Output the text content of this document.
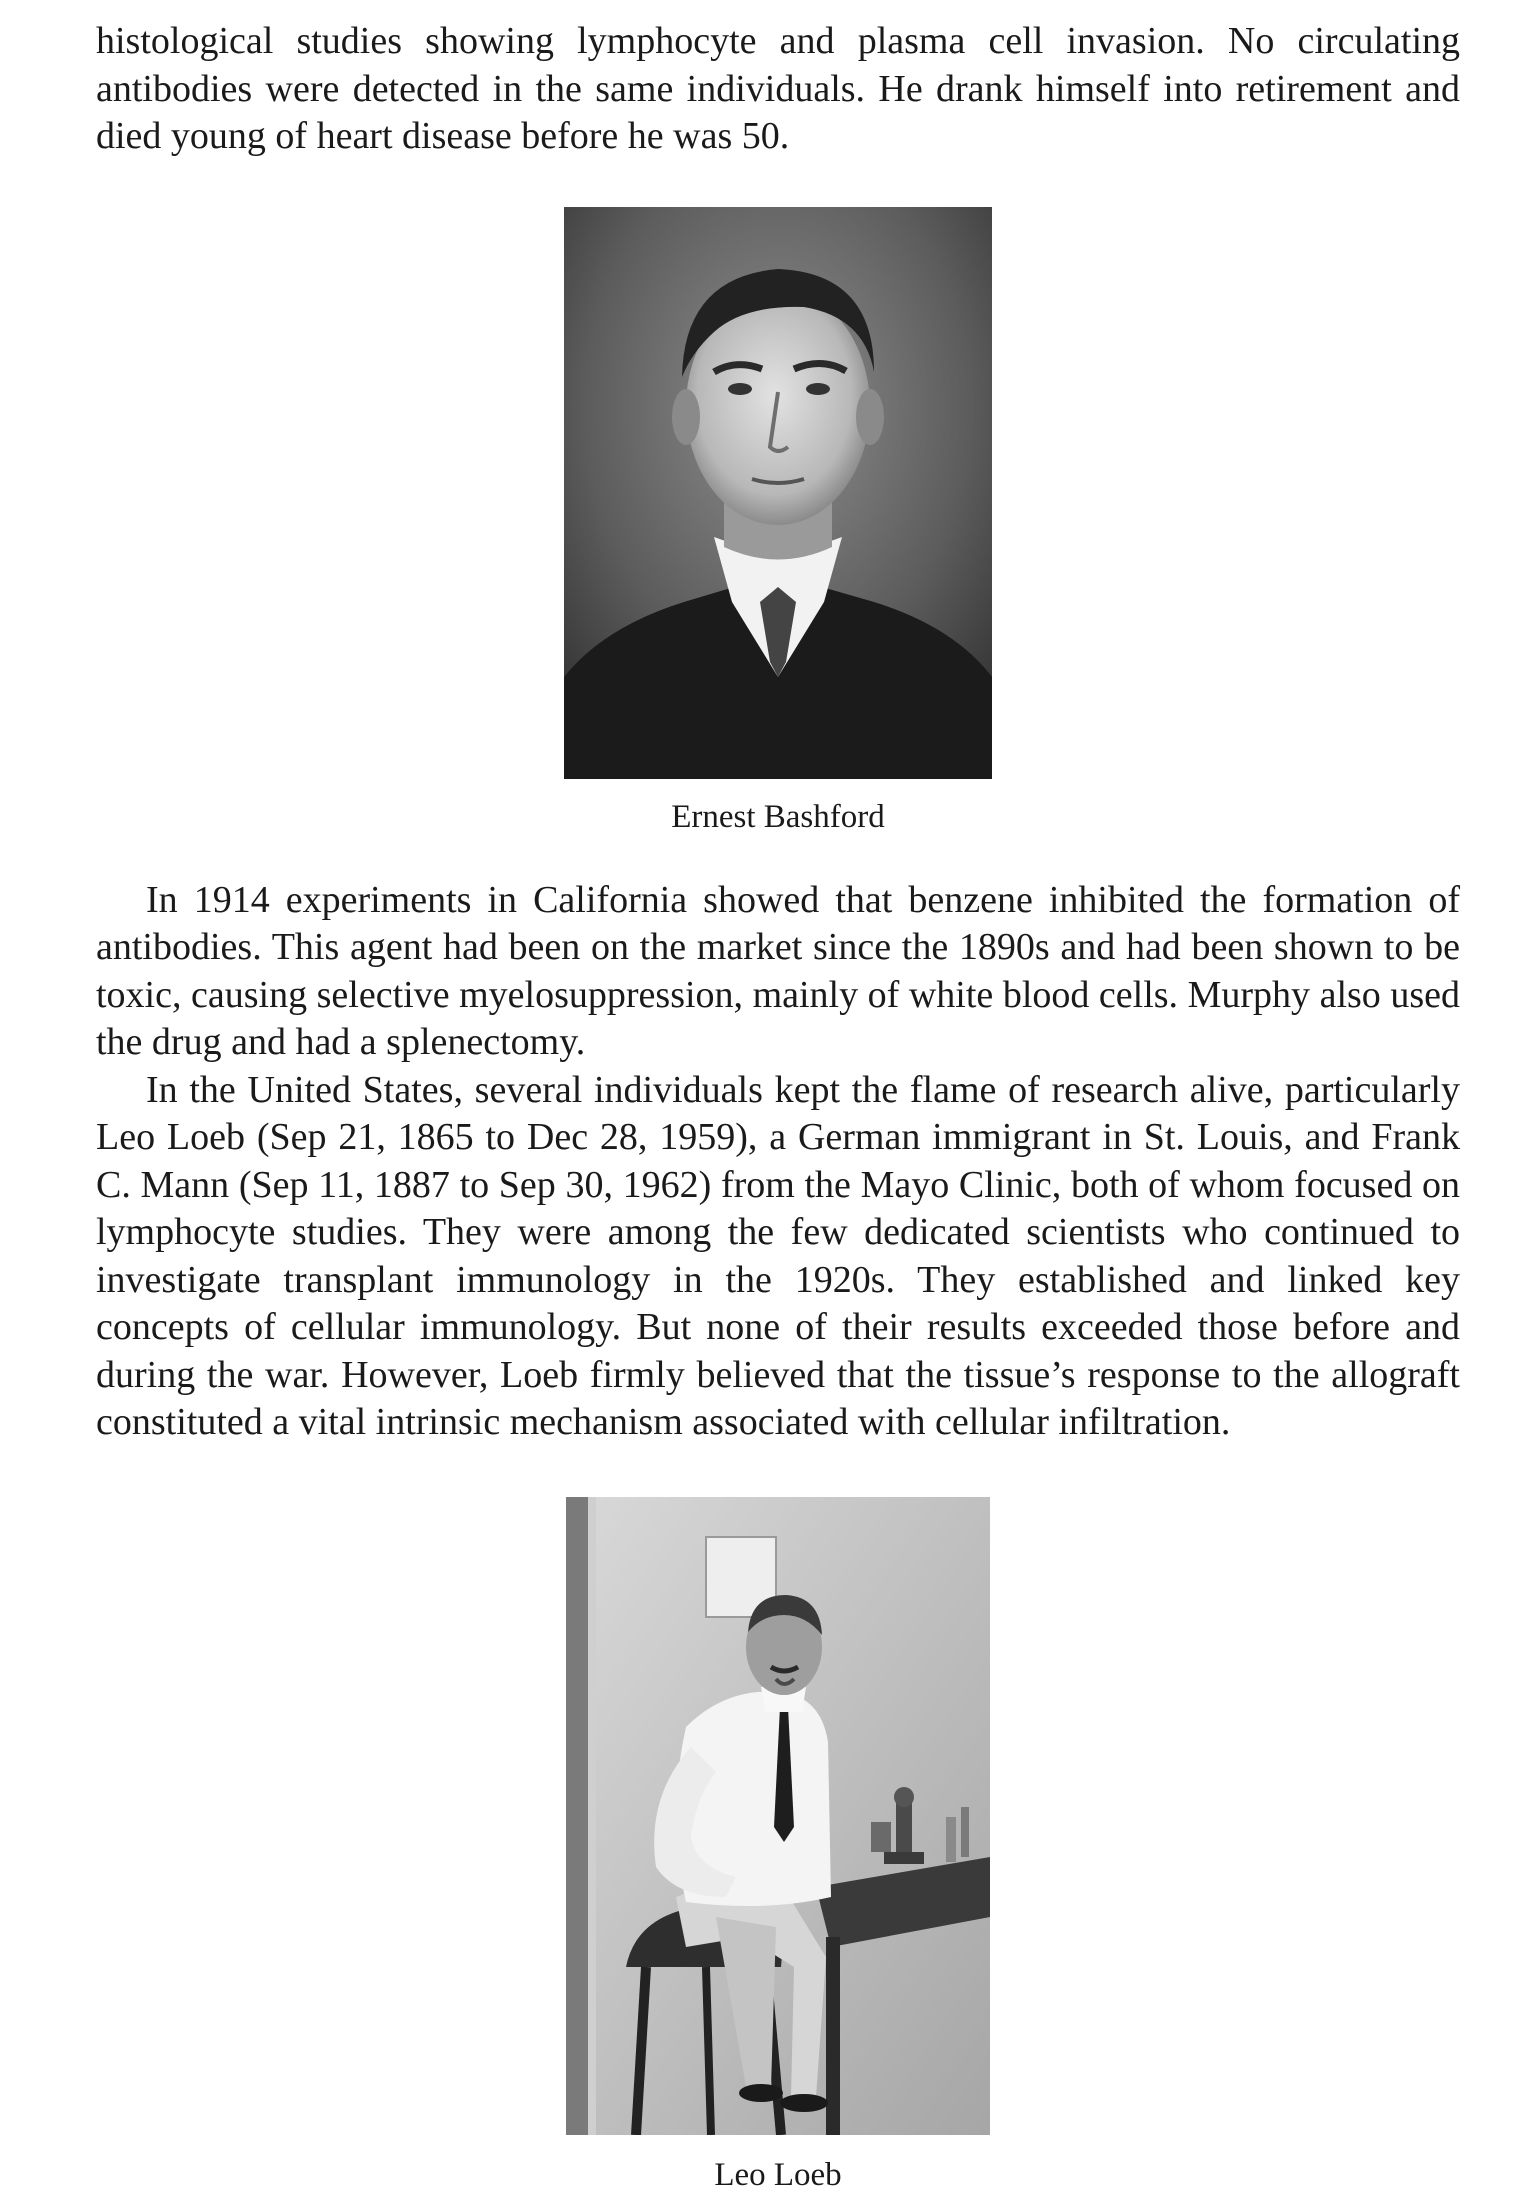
histological studies showing lymphocyte and plasma cell invasion. No circulating antibodies were detected in the same individuals. He drank himself into retirement and died young of heart disease before he was 50.

Ernest Bashford

In 1914 experiments in California showed that benzene inhibited the formation of antibodies. This agent had been on the market since the 1890s and had been shown to be toxic, causing selective myelosuppression, mainly of white blood cells. Murphy also used the drug and had a splenectomy.

In the United States, several individuals kept the flame of research alive, particularly Leo Loeb (Sep 21, 1865 to Dec 28, 1959), a German immigrant in St. Louis, and Frank C. Mann (Sep 11, 1887 to Sep 30, 1962) from the Mayo Clinic, both of whom focused on lymphocyte studies. They were among the few dedicated scientists who continued to investigate transplant immunology in the 1920s. They established and linked key concepts of cellular immunology. But none of their results exceeded those before and during the war. However, Loeb firmly believed that the tissue’s response to the allograft constituted a vital intrinsic mechanism associated with cellular infiltration.

Leo Loeb
